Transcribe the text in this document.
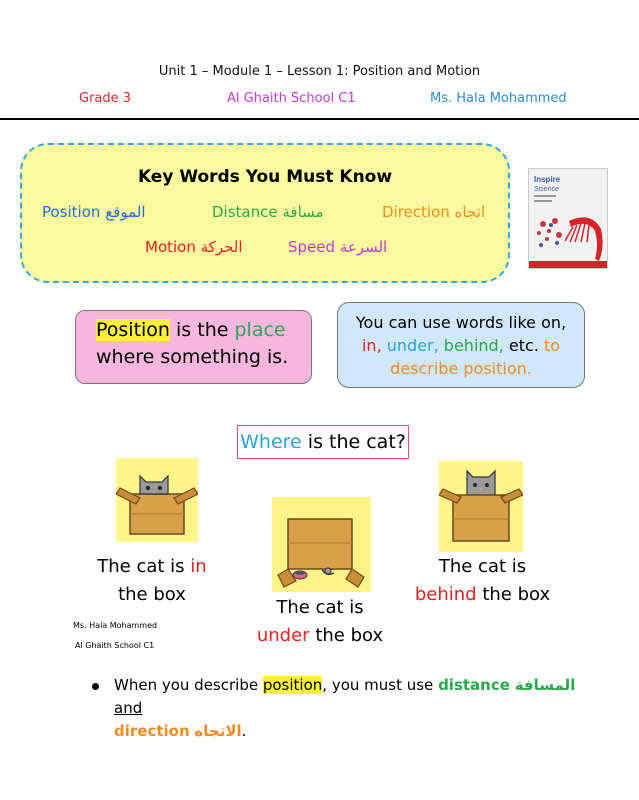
Unit 1 – Module 1 – Lesson 1: Position and Motion
Grade 3	Al Ghaith School C1	Ms. Hala Mohammed
Key Words You Must Know
Position الموقع	Distance مسافة	Direction اتجاه
Motion الحركة	Speed السرعة
Inspire
Science
Position is the place
where something is.
You can use words like on,
in, under, behind, etc. to
describe position.
Where is the cat?
The cat is in
the box
The cat is
under the box
The cat is
behind the box
Ms. Hala Mohammed
Al Ghaith School C1
When you describe position, you must use distance المسافة and
direction الاتجاه.
